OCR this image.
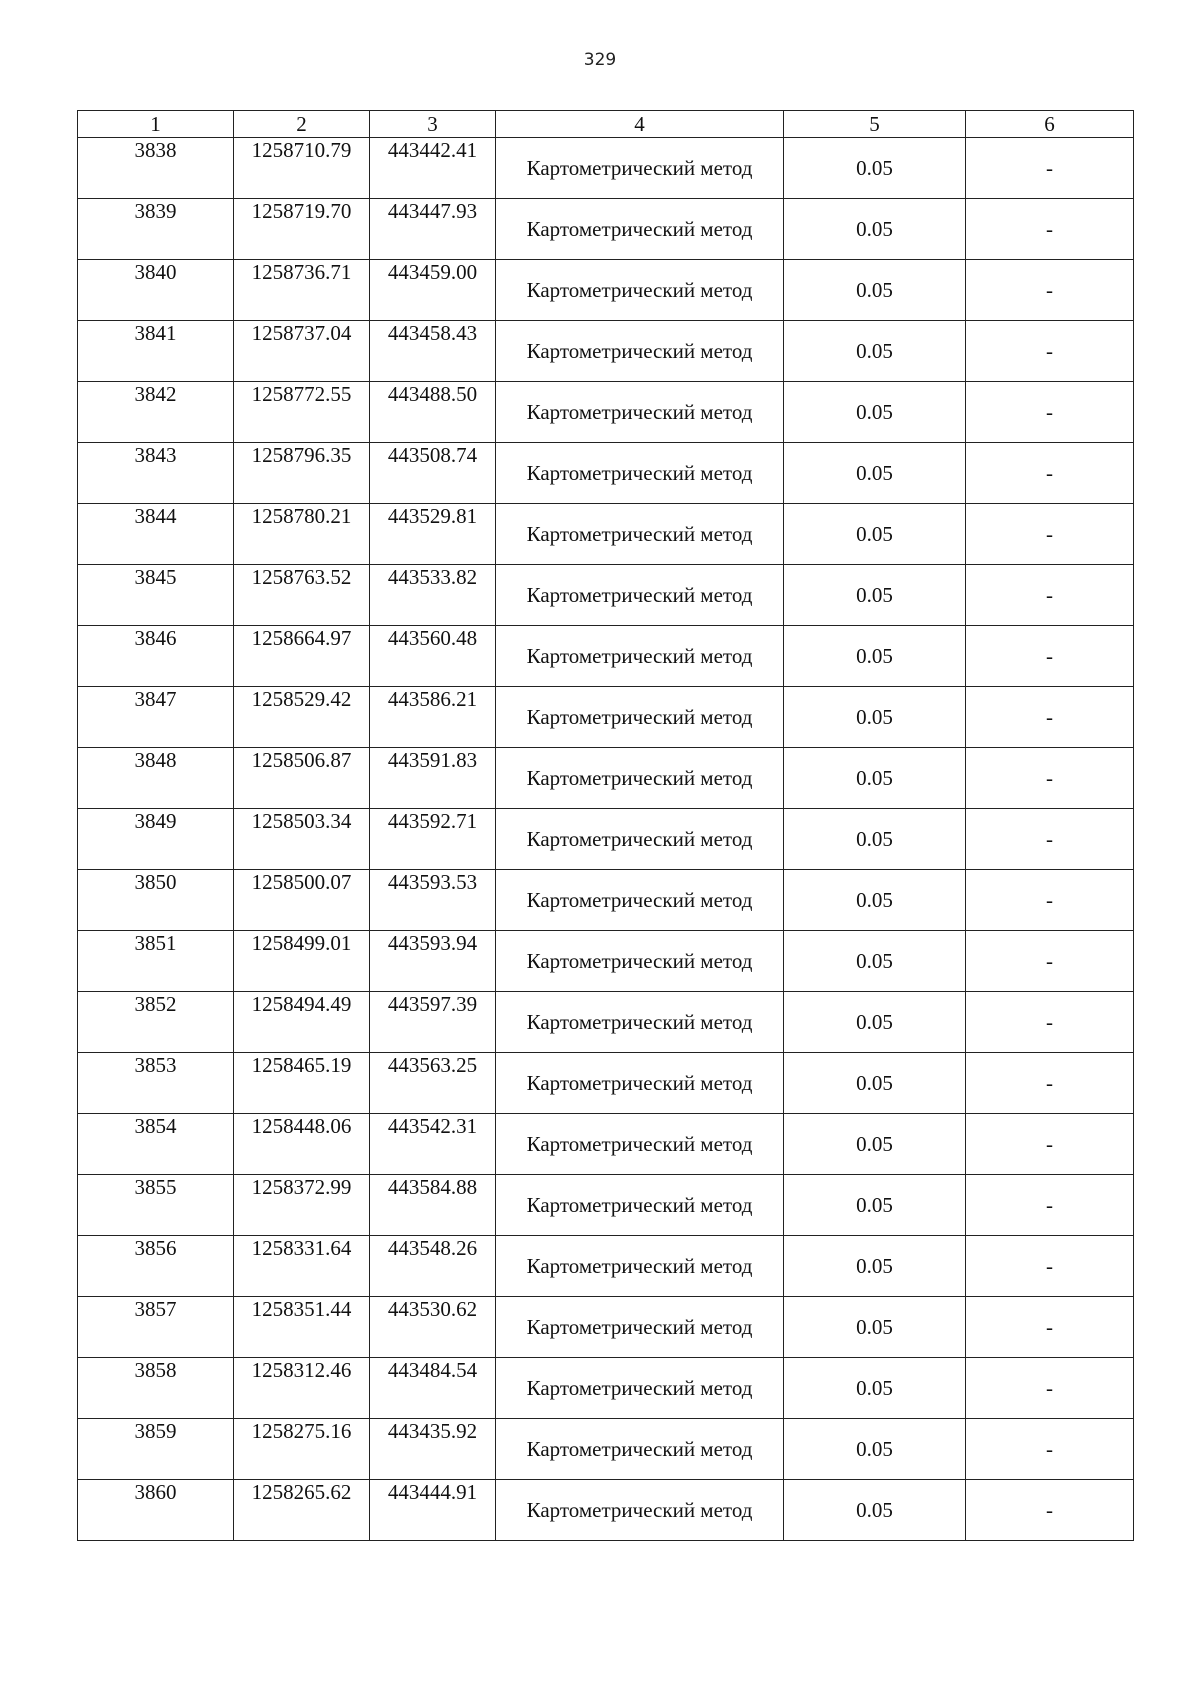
329
1	2	3	4	5	6
3838	1258710.79	443442.41	Картометрический метод	0.05	-
3839	1258719.70	443447.93	Картометрический метод	0.05	-
3840	1258736.71	443459.00	Картометрический метод	0.05	-
3841	1258737.04	443458.43	Картометрический метод	0.05	-
3842	1258772.55	443488.50	Картометрический метод	0.05	-
3843	1258796.35	443508.74	Картометрический метод	0.05	-
3844	1258780.21	443529.81	Картометрический метод	0.05	-
3845	1258763.52	443533.82	Картометрический метод	0.05	-
3846	1258664.97	443560.48	Картометрический метод	0.05	-
3847	1258529.42	443586.21	Картометрический метод	0.05	-
3848	1258506.87	443591.83	Картометрический метод	0.05	-
3849	1258503.34	443592.71	Картометрический метод	0.05	-
3850	1258500.07	443593.53	Картометрический метод	0.05	-
3851	1258499.01	443593.94	Картометрический метод	0.05	-
3852	1258494.49	443597.39	Картометрический метод	0.05	-
3853	1258465.19	443563.25	Картометрический метод	0.05	-
3854	1258448.06	443542.31	Картометрический метод	0.05	-
3855	1258372.99	443584.88	Картометрический метод	0.05	-
3856	1258331.64	443548.26	Картометрический метод	0.05	-
3857	1258351.44	443530.62	Картометрический метод	0.05	-
3858	1258312.46	443484.54	Картометрический метод	0.05	-
3859	1258275.16	443435.92	Картометрический метод	0.05	-
3860	1258265.62	443444.91	Картометрический метод	0.05	-
